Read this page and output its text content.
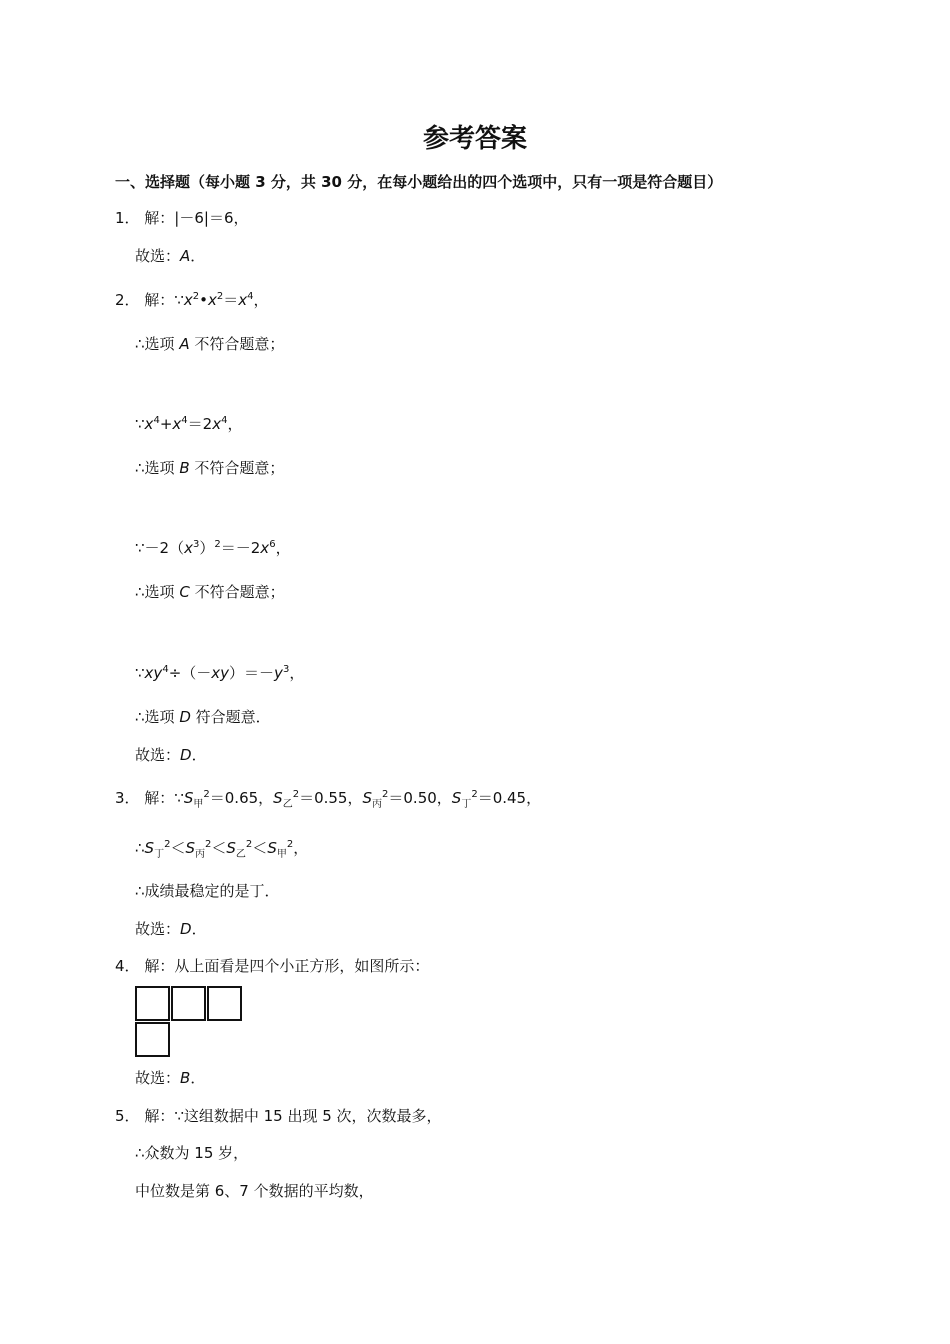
参考答案
一、选择题（每小题 3 分，共 30 分，在每小题给出的四个选项中，只有一项是符合题目）
1． 解：|－6|＝6，
故选：A．
2． 解：$\because x^2•x^2=x^4$，
∴选项 A 不符合题意；
$\because x^4+x^4=2x^4$，
∴选项 B 不符合题意；
$\because-2(x^3)^2=-2x^6$，
∴选项 C 不符合题意；
$\because xy^4\div(-xy)=-y^3$，
∴选项 D 符合题意．
故选：D．
3． 解：$\because S_甲^2=0.65$，$S_乙^2=0.55$，$S_丙^2=0.50$，$S_丁^2=0.45$，
$\therefore S_丁^2<S_丙^2<S_乙^2<S_甲^2$，
∴成绩最稳定的是丁．
故选：D．
4． 解：从上面看是四个小正方形，如图所示：
故选：B．
5． 解：∵这组数据中 15 出现 5 次，次数最多，
∴众数为 15 岁，
中位数是第 6、7 个数据的平均数，
